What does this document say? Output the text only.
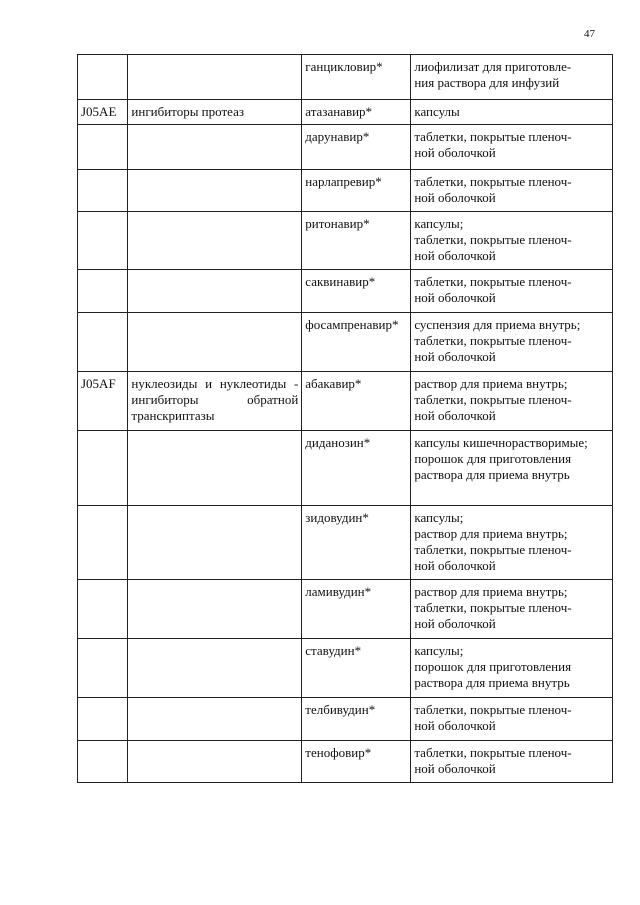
47
		ганцикловир*	лиофилизат для приготовле-
ния раствора для инфузий

J05AE	ингибиторы протеаз	атазанавир*	капсулы

		дарунавир*	таблетки, покрытые пленоч-
ной оболочкой

		нарлапревир*	таблетки, покрытые пленоч-
ной оболочкой

		ритонавир*	капсулы;
таблетки, покрытые пленоч-
ной оболочкой

		саквинавир*	таблетки, покрытые пленоч-
ной оболочкой

		фосампренавир*	суспензия для приема внутрь;
таблетки, покрытые пленоч-
ной оболочкой

J05AF	нуклеозиды и нуклеотиды - ингибиторы обратной транскриптазы	абакавир*	раствор для приема внутрь;
таблетки, покрытые пленоч-
ной оболочкой

		диданозин*	капсулы кишечнорастворимые;
порошок для приготовления
раствора для приема внутрь

		зидовудин*	капсулы;
раствор для приема внутрь;
таблетки, покрытые пленоч-
ной оболочкой

		ламивудин*	раствор для приема внутрь;
таблетки, покрытые пленоч-
ной оболочкой

		ставудин*	капсулы;
порошок для приготовления
раствора для приема внутрь

		телбивудин*	таблетки, покрытые пленоч-
ной оболочкой

		тенофовир*	таблетки, покрытые пленоч-
ной оболочкой
